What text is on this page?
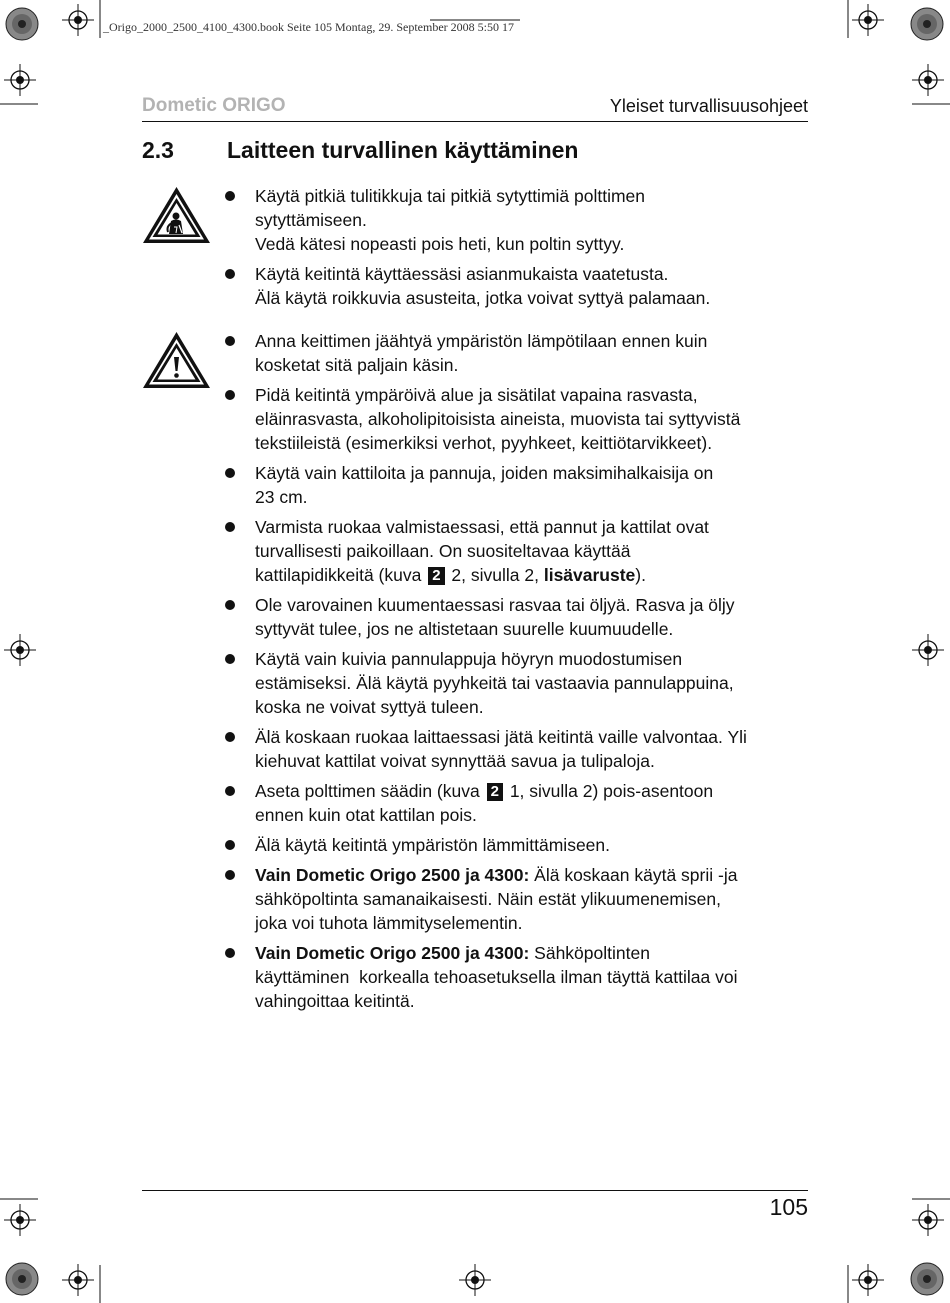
_Origo_2000_2500_4100_4300.book Seite 105 Montag, 29. September 2008 5:50 17
Dometic ORIGO	Yleiset turvallisuusohjeet
2.3 Laitteen turvallinen käyttäminen
Käytä pitkiä tulitikkuja tai pitkiä sytyttimiä polttimen
sytyttämiseen.
Vedä kätesi nopeasti pois heti, kun poltin syttyy.
Käytä keitintä käyttäessäsi asianmukaista vaatetusta.
Älä käytä roikkuvia asusteita, jotka voivat syttyä palamaan.
Anna keittimen jäähtyä ympäristön lämpötilaan ennen kuin
kosketat sitä paljain käsin.
Pidä keitintä ympäröivä alue ja sisätilat vapaina rasvasta,
eläinrasvasta, alkoholipitoisista aineista, muovista tai syttyvistä
tekstiileistä (esimerkiksi verhot, pyyhkeet, keittiötarvikkeet).
Käytä vain kattiloita ja pannuja, joiden maksimihalkaisija on
23 cm.
Varmista ruokaa valmistaessasi, että pannut ja kattilat ovat
turvallisesti paikoillaan. On suositeltavaa käyttää
kattilapidikkeitä (kuva 2 2, sivulla 2, lisävaruste).
Ole varovainen kuumentaessasi rasvaa tai öljyä. Rasva ja öljy
syttyvät tulee, jos ne altistetaan suurelle kuumuudelle.
Käytä vain kuivia pannulappuja höyryn muodostumisen
estämiseksi. Älä käytä pyyhkeitä tai vastaavia pannulappuina,
koska ne voivat syttyä tuleen.
Älä koskaan ruokaa laittaessasi jätä keitintä vaille valvontaa. Yli
kiehuvat kattilat voivat synnyttää savua ja tulipaloja.
Aseta polttimen säädin (kuva 2 1, sivulla 2) pois-asentoon
ennen kuin otat kattilan pois.
Älä käytä keitintä ympäristön lämmittämiseen.
Vain Dometic Origo 2500 ja 4300: Älä koskaan käytä sprii -ja
sähköpoltinta samanaikaisesti. Näin estät ylikuumenemisen,
joka voi tuhota lämmityselementin.
Vain Dometic Origo 2500 ja 4300: Sähköpoltinten
käyttäminen  korkealla tehoasetuksella ilman täyttä kattilaa voi
vahingoittaa keitintä.
105
